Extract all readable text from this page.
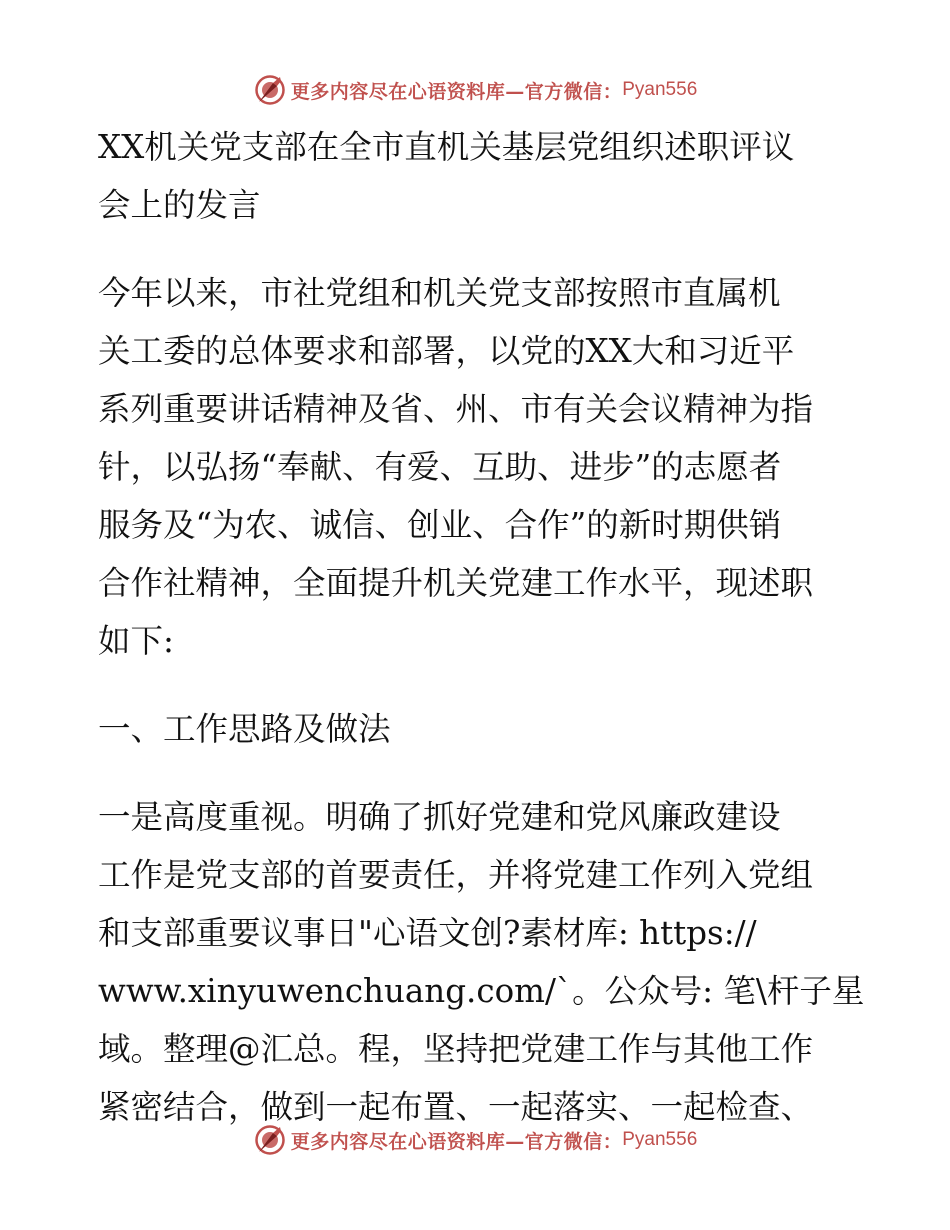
更多内容尽在心语资料库—官方微信： Pyan556
XX机关党支部在全市直机关基层党组织述职评议
会上的发言
今年以来，市社党组和机关党支部按照市直属机
关工委的总体要求和部署，以党的XX大和习近平
系列重要讲话精神及省、州、市有关会议精神为指
针，以弘扬“奉献、有爱、互助、进步”的志愿者
服务及“为农、诚信、创业、合作”的新时期供销
合作社精神，全面提升机关党建工作水平，现述职
如下:
一、工作思路及做法
一是高度重视。明确了抓好党建和党风廉政建设
工作是党支部的首要责任，并将党建工作列入党组
和支部重要议事日"心语文创?素材库: https://
www.xinyuwenchuang.com/`。公众号: 笔\杆子星
域。整理@汇总。程，坚持把党建工作与其他工作
紧密结合，做到一起布置、一起落实、一起检查、
更多内容尽在心语资料库—官方微信： Pyan556
